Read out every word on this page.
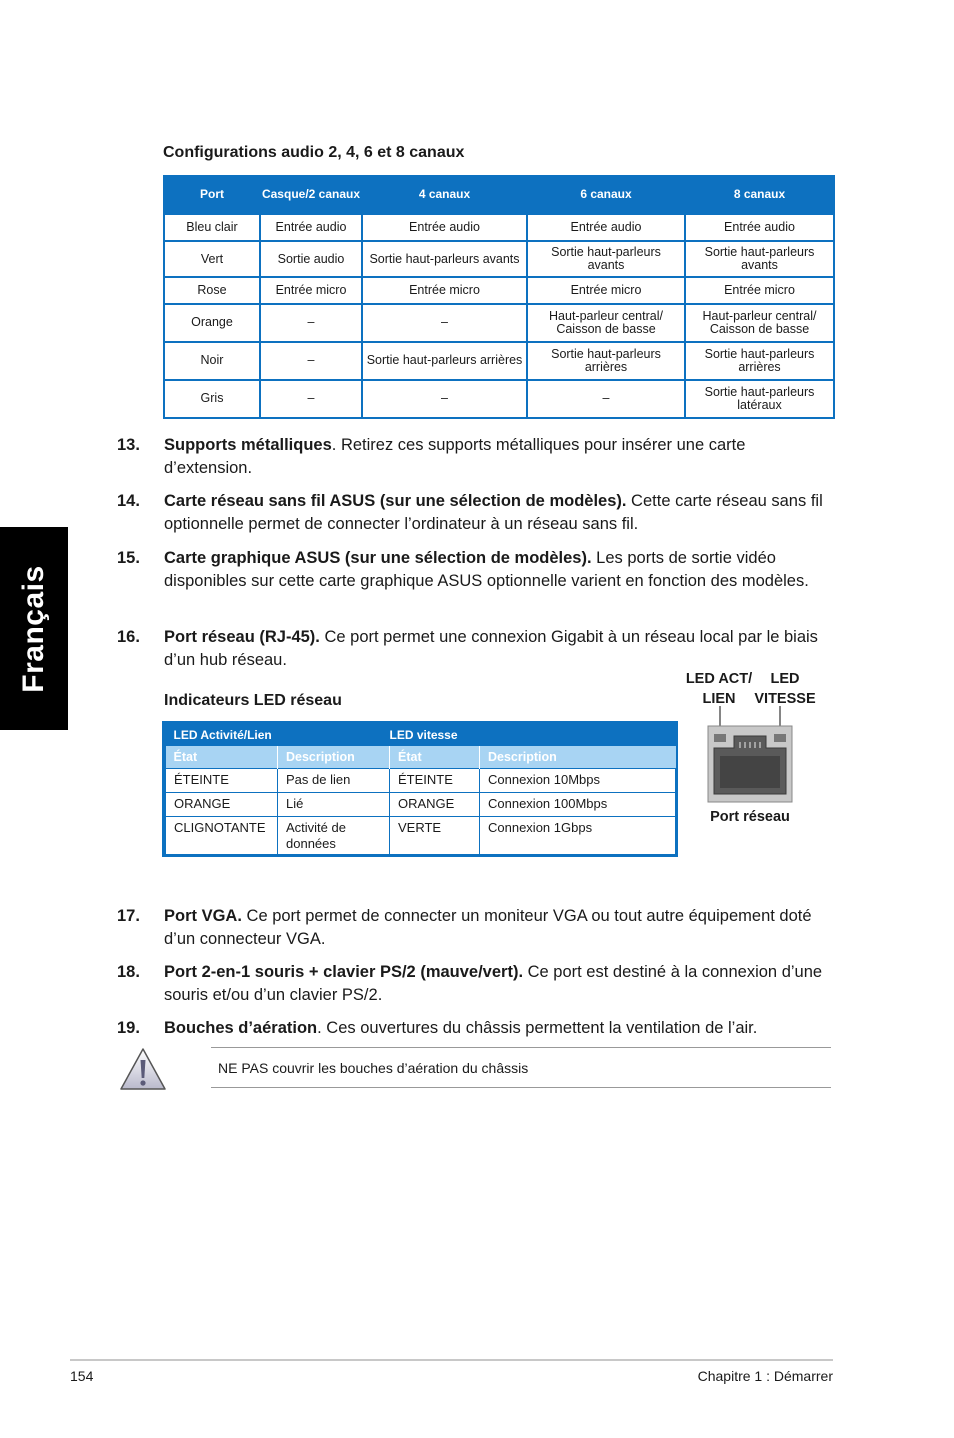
Français
Configurations audio 2, 4, 6 et 8 canaux
Port	Casque/2 canaux	4 canaux	6 canaux	8 canaux
Bleu clair	Entrée audio	Entrée audio	Entrée audio	Entrée audio
Vert	Sortie audio	Sortie haut-parleurs avants	Sortie haut-parleurs avants	Sortie haut-parleurs avants
Rose	Entrée micro	Entrée micro	Entrée micro	Entrée micro
Orange	–	–	Haut-parleur central/ Caisson de basse	Haut-parleur central/ Caisson de basse
Noir	–	Sortie haut-parleurs arrières	Sortie haut-parleurs arrières	Sortie haut-parleurs arrières
Gris	–	–	–	Sortie haut-parleurs latéraux
13. Supports métalliques. Retirez ces supports métalliques pour insérer une carte d’extension.
14. Carte réseau sans fil ASUS (sur une sélection de modèles). Cette carte réseau sans fil optionnelle permet de connecter l’ordinateur à un réseau sans fil.
15. Carte graphique ASUS (sur une sélection de modèles). Les ports de sortie vidéo disponibles sur cette carte graphique ASUS optionnelle varient en fonction des modèles.
16. Port réseau (RJ-45). Ce port permet une connexion Gigabit à un réseau local par le biais d’un hub réseau.
Indicateurs LED réseau
LED Activité/Lien		LED vitesse	
État	Description	État	Description
ÉTEINTE	Pas de lien	ÉTEINTE	Connexion 10Mbps
ORANGE	Lié	ORANGE	Connexion 100Mbps
CLIGNOTANTE	Activité de données	VERTE	Connexion 1Gbps
LED ACT/ LIEN
LED VITESSE
Port réseau
17. Port VGA. Ce port permet de connecter un moniteur VGA ou tout autre équipement doté d’un connecteur VGA.
18. Port 2-en-1 souris + clavier PS/2 (mauve/vert). Ce port est destiné à la connexion d’une souris et/ou d’un clavier PS/2.
19. Bouches d’aération. Ces ouvertures du châssis permettent la ventilation de l’air.
NE PAS couvrir les bouches d’aération du châssis
154	Chapitre 1 : Démarrer
